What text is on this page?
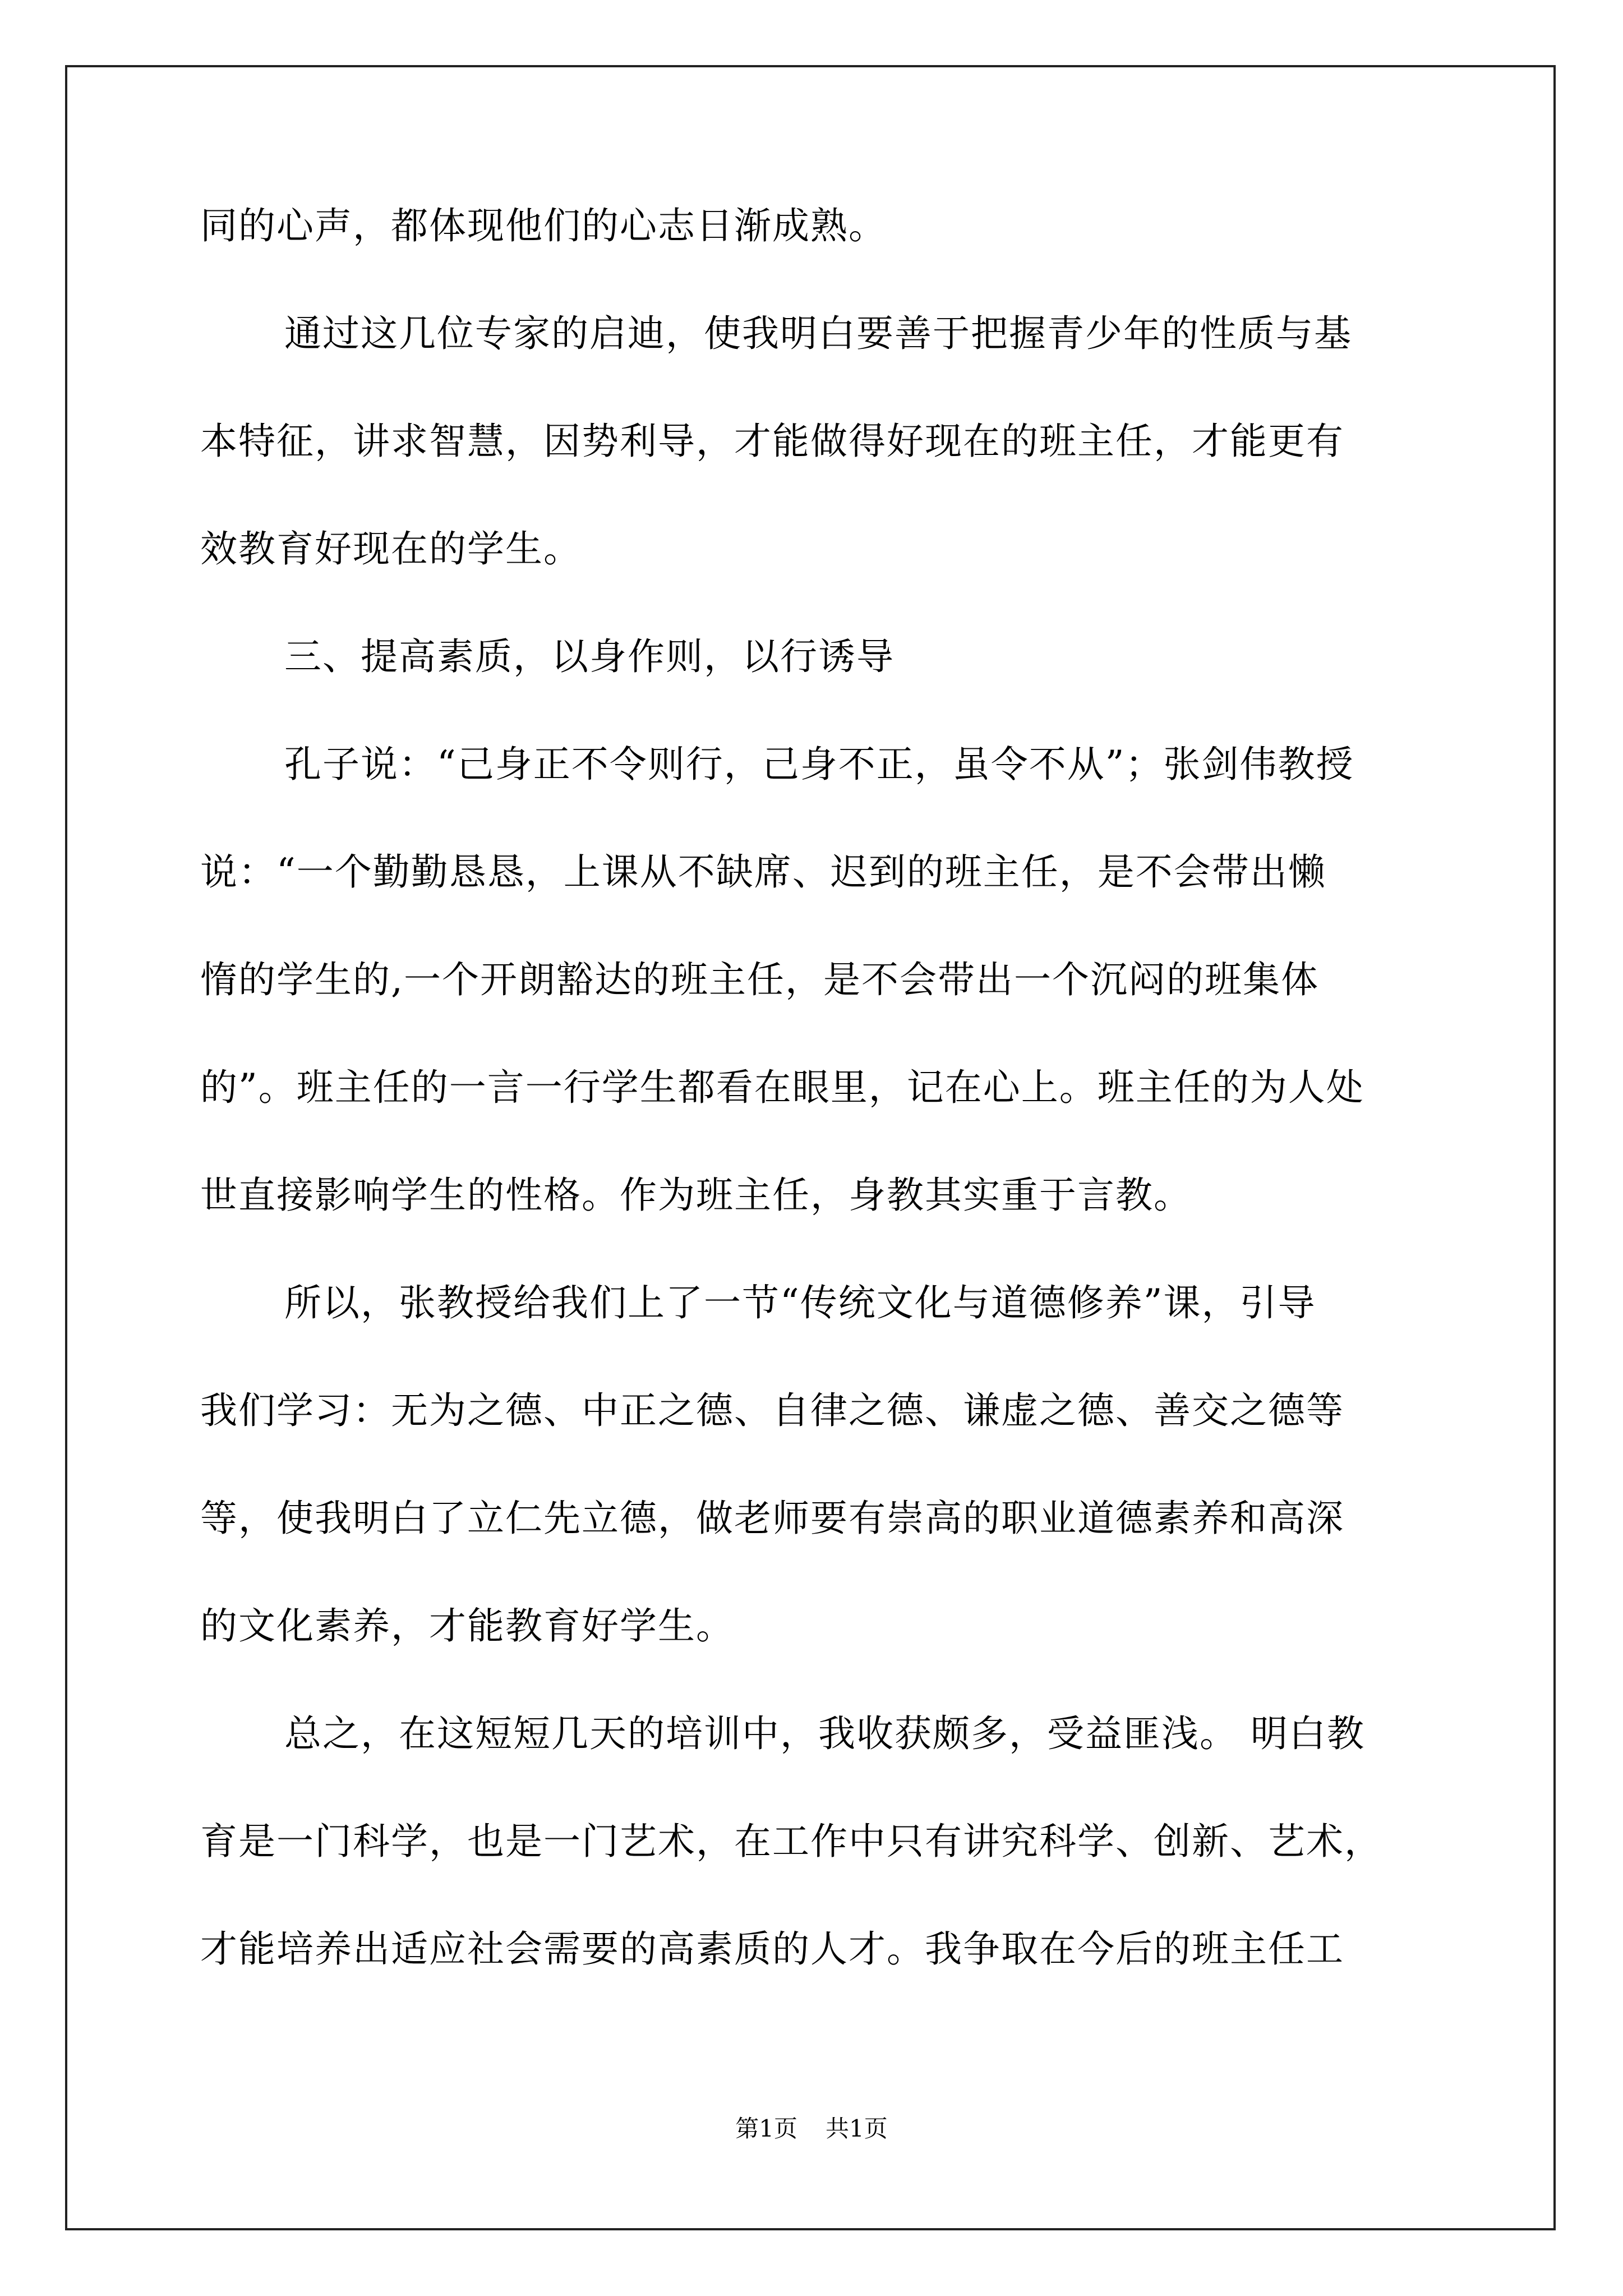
同的心声，都体现他们的心志日渐成熟。
通过这几位专家的启迪，使我明白要善于把握青少年的性质与基
本特征，讲求智慧，因势利导，才能做得好现在的班主任，才能更有
效教育好现在的学生。
三、提高素质，以身作则，以行诱导
孔子说：“己身正不令则行，己身不正，虽令不从”；张剑伟教授
说：“一个勤勤恳恳，上课从不缺席、迟到的班主任，是不会带出懒
惰的学生的,一个开朗豁达的班主任，是不会带出一个沉闷的班集体
的”。班主任的一言一行学生都看在眼里，记在心上。班主任的为人处
世直接影响学生的性格。作为班主任，身教其实重于言教。
所以，张教授给我们上了一节“传统文化与道德修养”课，引导
我们学习：无为之德、中正之德、自律之德、谦虚之德、善交之德等
等，使我明白了立仁先立德，做老师要有崇高的职业道德素养和高深
的文化素养，才能教育好学生。
总之，在这短短几天的培训中，我收获颇多，受益匪浅。 明白教
育是一门科学，也是一门艺术，在工作中只有讲究科学、创新、艺术，
才能培养出适应社会需要的高素质的人才。我争取在今后的班主任工
第1页 共1页
